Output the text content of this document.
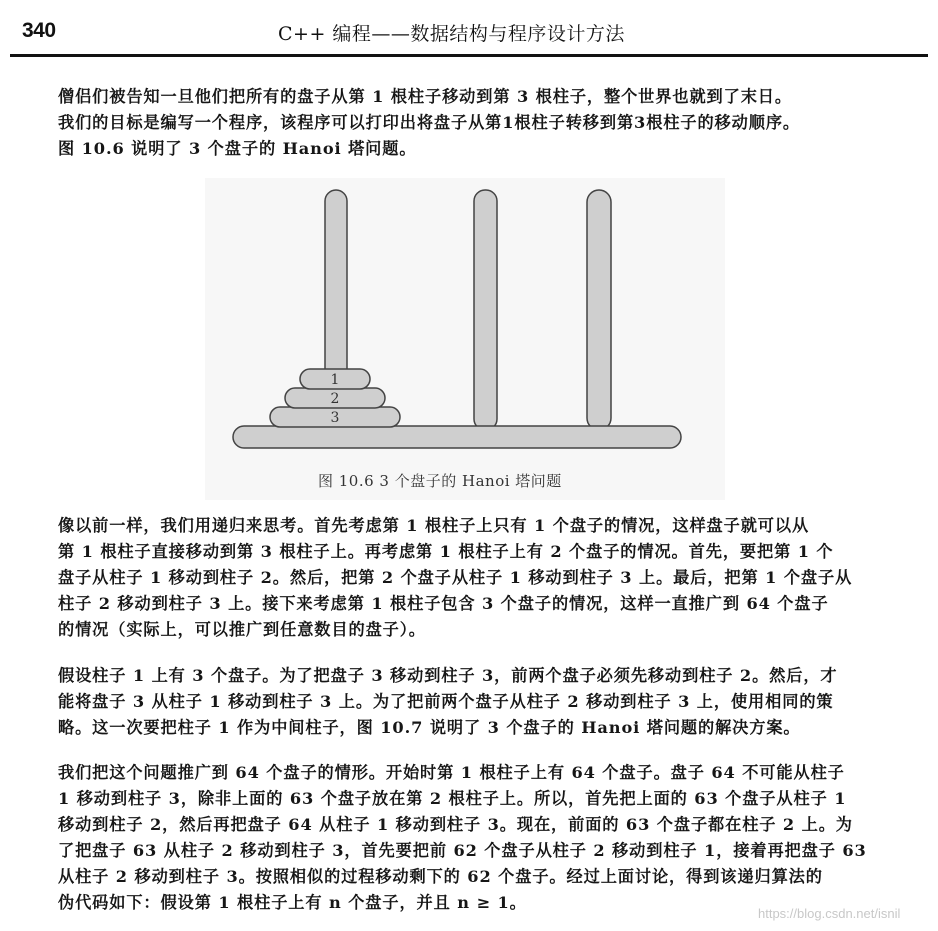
340	C++ 编程——数据结构与程序设计方法
僧侣们被告知一旦他们把所有的盘子从第 1 根柱子移动到第 3 根柱子，整个世界也就到了末日。
我们的目标是编写一个程序，该程序可以打印出将盘子从第1根柱子转移到第3根柱子的移动顺序。
图 10.6 说明了 3 个盘子的 Hanoi 塔问题。
1
2
3
图 10.6 3 个盘子的 Hanoi 塔问题
像以前一样，我们用递归来思考。首先考虑第 1 根柱子上只有 1 个盘子的情况，这样盘子就可以从
第 1 根柱子直接移动到第 3 根柱子上。再考虑第 1 根柱子上有 2 个盘子的情况。首先，要把第 1 个
盘子从柱子 1 移动到柱子 2。然后，把第 2 个盘子从柱子 1 移动到柱子 3 上。最后，把第 1 个盘子从
柱子 2 移动到柱子 3 上。接下来考虑第 1 根柱子包含 3 个盘子的情况，这样一直推广到 64 个盘子
的情况（实际上，可以推广到任意数目的盘子）。
假设柱子 1 上有 3 个盘子。为了把盘子 3 移动到柱子 3，前两个盘子必须先移动到柱子 2。然后，才
能将盘子 3 从柱子 1 移动到柱子 3 上。为了把前两个盘子从柱子 2 移动到柱子 3 上，使用相同的策
略。这一次要把柱子 1 作为中间柱子，图 10.7 说明了 3 个盘子的 Hanoi 塔问题的解决方案。
我们把这个问题推广到 64 个盘子的情形。开始时第 1 根柱子上有 64 个盘子。盘子 64 不可能从柱子
1 移动到柱子 3，除非上面的 63 个盘子放在第 2 根柱子上。所以，首先把上面的 63 个盘子从柱子 1
移动到柱子 2，然后再把盘子 64 从柱子 1 移动到柱子 3。现在，前面的 63 个盘子都在柱子 2 上。为
了把盘子 63 从柱子 2 移动到柱子 3，首先要把前 62 个盘子从柱子 2 移动到柱子 1，接着再把盘子 63
从柱子 2 移动到柱子 3。按照相似的过程移动剩下的 62 个盘子。经过上面讨论，得到该递归算法的
伪代码如下：假设第 1 根柱子上有 n 个盘子，并且 n ≥ 1。
https://blog.csdn.net/isnil
